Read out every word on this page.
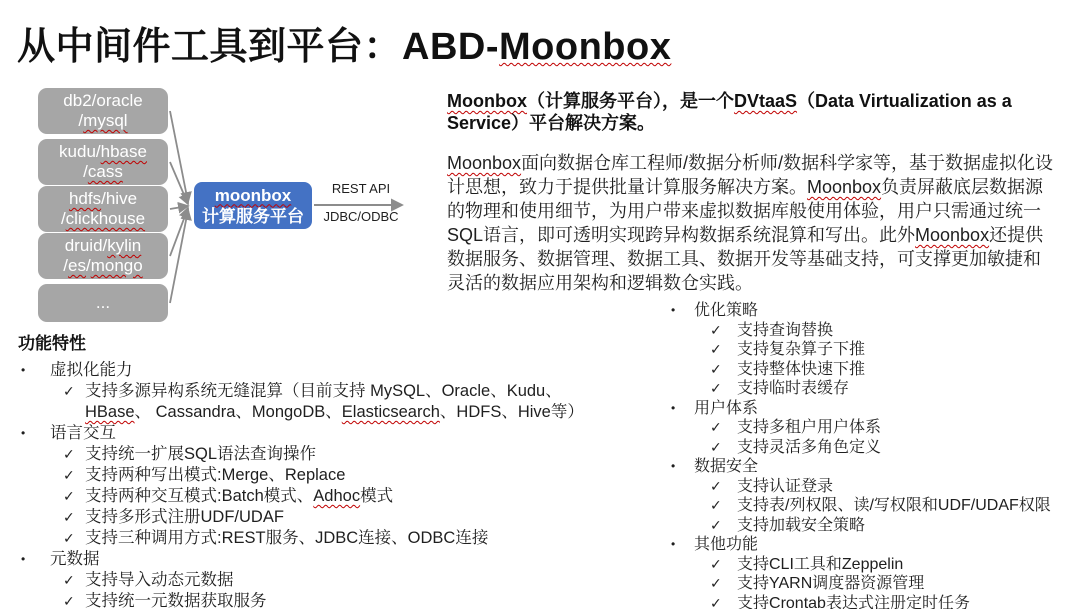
从中间件工具到平台：ABD-Moonbox
db2/oracle
/mysql
kudu/hbase
/cass
hdfs/hive
/clickhouse
druid/kylin
/es/mongo
...
moonbox
计算服务平台
REST API
JDBC/ODBC

Moonbox（计算服务平台），是一个DVtaaS（Data Virtualization as a Service）平台解决方案。

Moonbox面向数据仓库工程师/数据分析师/数据科学家等，基于数据虚拟化设计思想，致力于提供批量计算服务解决方案。Moonbox负责屏蔽底层数据源的物理和使用细节，为用户带来虚拟数据库般使用体验，用户只需通过统一SQL语言，即可透明实现跨异构数据系统混算和写出。此外Moonbox还提供数据服务、数据管理、数据工具、数据开发等基础支持，可支撑更加敏捷和灵活的数据应用架构和逻辑数仓实践。

功能特性
•	虚拟化能力
✓ 支持多源异构系统无缝混算（目前支持 MySQL、Oracle、Kudu、HBase、 Cassandra、MongoDB、Elasticsearch、HDFS、Hive等）
•	语言交互
✓ 支持统一扩展SQL语法查询操作
✓ 支持两种写出模式:Merge、Replace
✓ 支持两种交互模式:Batch模式、Adhoc模式
✓ 支持多形式注册UDF/UDAF
✓ 支持三种调用方式:REST服务、JDBC连接、ODBC连接
•	元数据
✓ 支持导入动态元数据
✓ 支持统一元数据获取服务
•	优化策略
✓ 支持查询替换
✓ 支持复杂算子下推
✓ 支持整体快速下推
✓ 支持临时表缓存
•	用户体系
✓ 支持多租户用户体系
✓ 支持灵活多角色定义
•	数据安全
✓ 支持认证登录
✓ 支持表/列权限、读/写权限和UDF/UDAF权限
✓ 支持加载安全策略
•	其他功能
✓ 支持CLI工具和Zeppelin
✓ 支持YARN调度器资源管理
✓ 支持Crontab表达式注册定时任务
